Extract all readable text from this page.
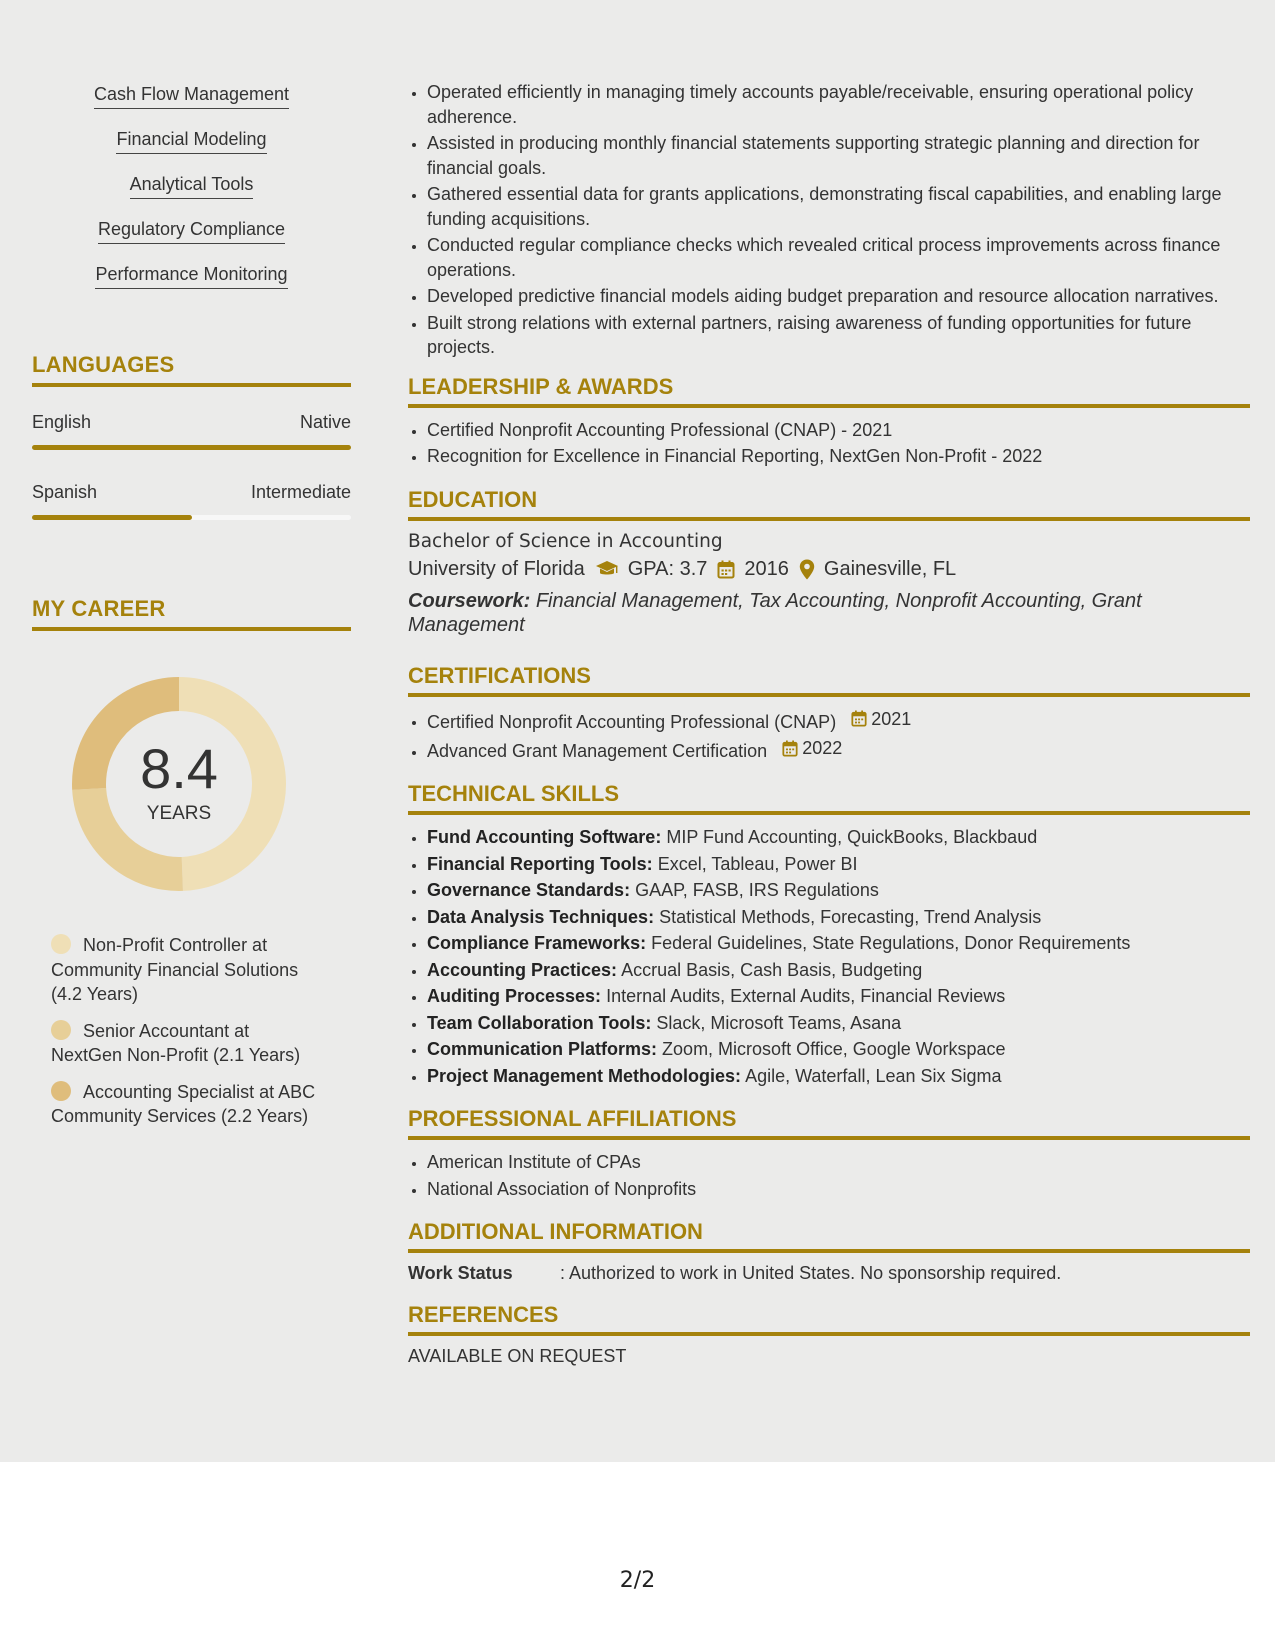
Cash Flow Management
Financial Modeling
Analytical Tools
Regulatory Compliance
Performance Monitoring
LANGUAGES
English	Native
Spanish	Intermediate
MY CAREER
8.4
YEARS
Non-Profit Controller at Community Financial Solutions (4.2 Years)
Senior Accountant at NextGen Non-Profit (2.1 Years)
Accounting Specialist at ABC Community Services (2.2 Years)
• Operated efficiently in managing timely accounts payable/receivable, ensuring operational policy adherence.
• Assisted in producing monthly financial statements supporting strategic planning and direction for financial goals.
• Gathered essential data for grants applications, demonstrating fiscal capabilities, and enabling large funding acquisitions.
• Conducted regular compliance checks which revealed critical process improvements across finance operations.
• Developed predictive financial models aiding budget preparation and resource allocation narratives.
• Built strong relations with external partners, raising awareness of funding opportunities for future projects.
LEADERSHIP & AWARDS
• Certified Nonprofit Accounting Professional (CNAP) - 2021
• Recognition for Excellence in Financial Reporting, NextGen Non-Profit - 2022
EDUCATION
Bachelor of Science in Accounting
University of Florida GPA: 3.7 2016 Gainesville, FL
Coursework: Financial Management, Tax Accounting, Nonprofit Accounting, Grant Management
CERTIFICATIONS
• Certified Nonprofit Accounting Professional (CNAP) 2021
• Advanced Grant Management Certification 2022
TECHNICAL SKILLS
• Fund Accounting Software: MIP Fund Accounting, QuickBooks, Blackbaud
• Financial Reporting Tools: Excel, Tableau, Power BI
• Governance Standards: GAAP, FASB, IRS Regulations
• Data Analysis Techniques: Statistical Methods, Forecasting, Trend Analysis
• Compliance Frameworks: Federal Guidelines, State Regulations, Donor Requirements
• Accounting Practices: Accrual Basis, Cash Basis, Budgeting
• Auditing Processes: Internal Audits, External Audits, Financial Reviews
• Team Collaboration Tools: Slack, Microsoft Teams, Asana
• Communication Platforms: Zoom, Microsoft Office, Google Workspace
• Project Management Methodologies: Agile, Waterfall, Lean Six Sigma
PROFESSIONAL AFFILIATIONS
• American Institute of CPAs
• National Association of Nonprofits
ADDITIONAL INFORMATION
Work Status	: Authorized to work in United States. No sponsorship required.
REFERENCES
AVAILABLE ON REQUEST
2/2
